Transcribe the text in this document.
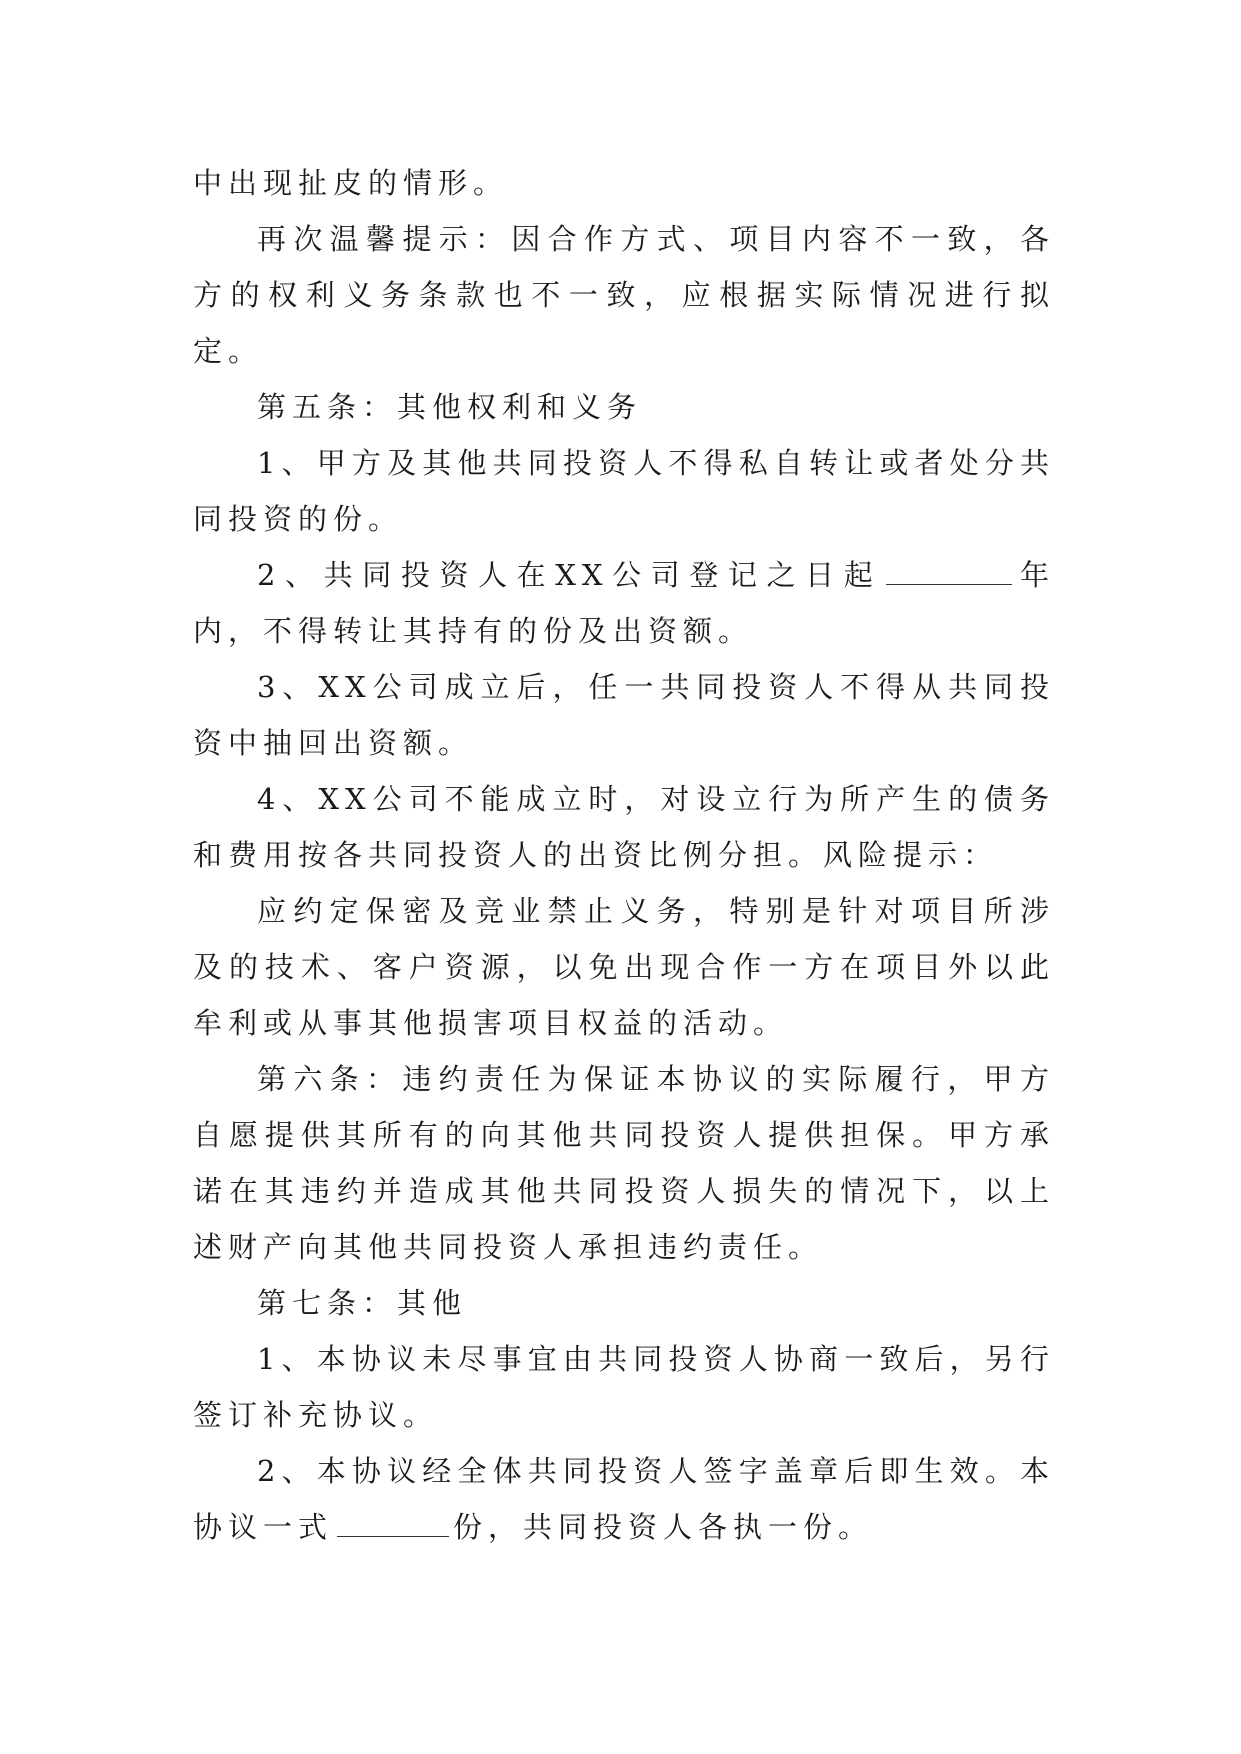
中出现扯皮的情形。

再次温馨提示：因合作方式、项目内容不一致，各方的权利义务条款也不一致，应根据实际情况进行拟定。

第五条：其他权利和义务

1、甲方及其他共同投资人不得私自转让或者处分共同投资的份。

2、共同投资人在XX公司登记之日起	年内，不得转让其持有的份及出资额。

3、XX公司成立后，任一共同投资人不得从共同投资中抽回出资额。

4、XX公司不能成立时，对设立行为所产生的债务和费用按各共同投资人的出资比例分担。风险提示：

应约定保密及竞业禁止义务，特别是针对项目所涉及的技术、客户资源，以免出现合作一方在项目外以此牟利或从事其他损害项目权益的活动。

第六条：违约责任为保证本协议的实际履行，甲方自愿提供其所有的向其他共同投资人提供担保。甲方承诺在其违约并造成其他共同投资人损失的情况下，以上述财产向其他共同投资人承担违约责任。

第七条：其他

1、本协议未尽事宜由共同投资人协商一致后，另行签订补充协议。

2、本协议经全体共同投资人签字盖章后即生效。本协议一式	份，共同投资人各执一份。
